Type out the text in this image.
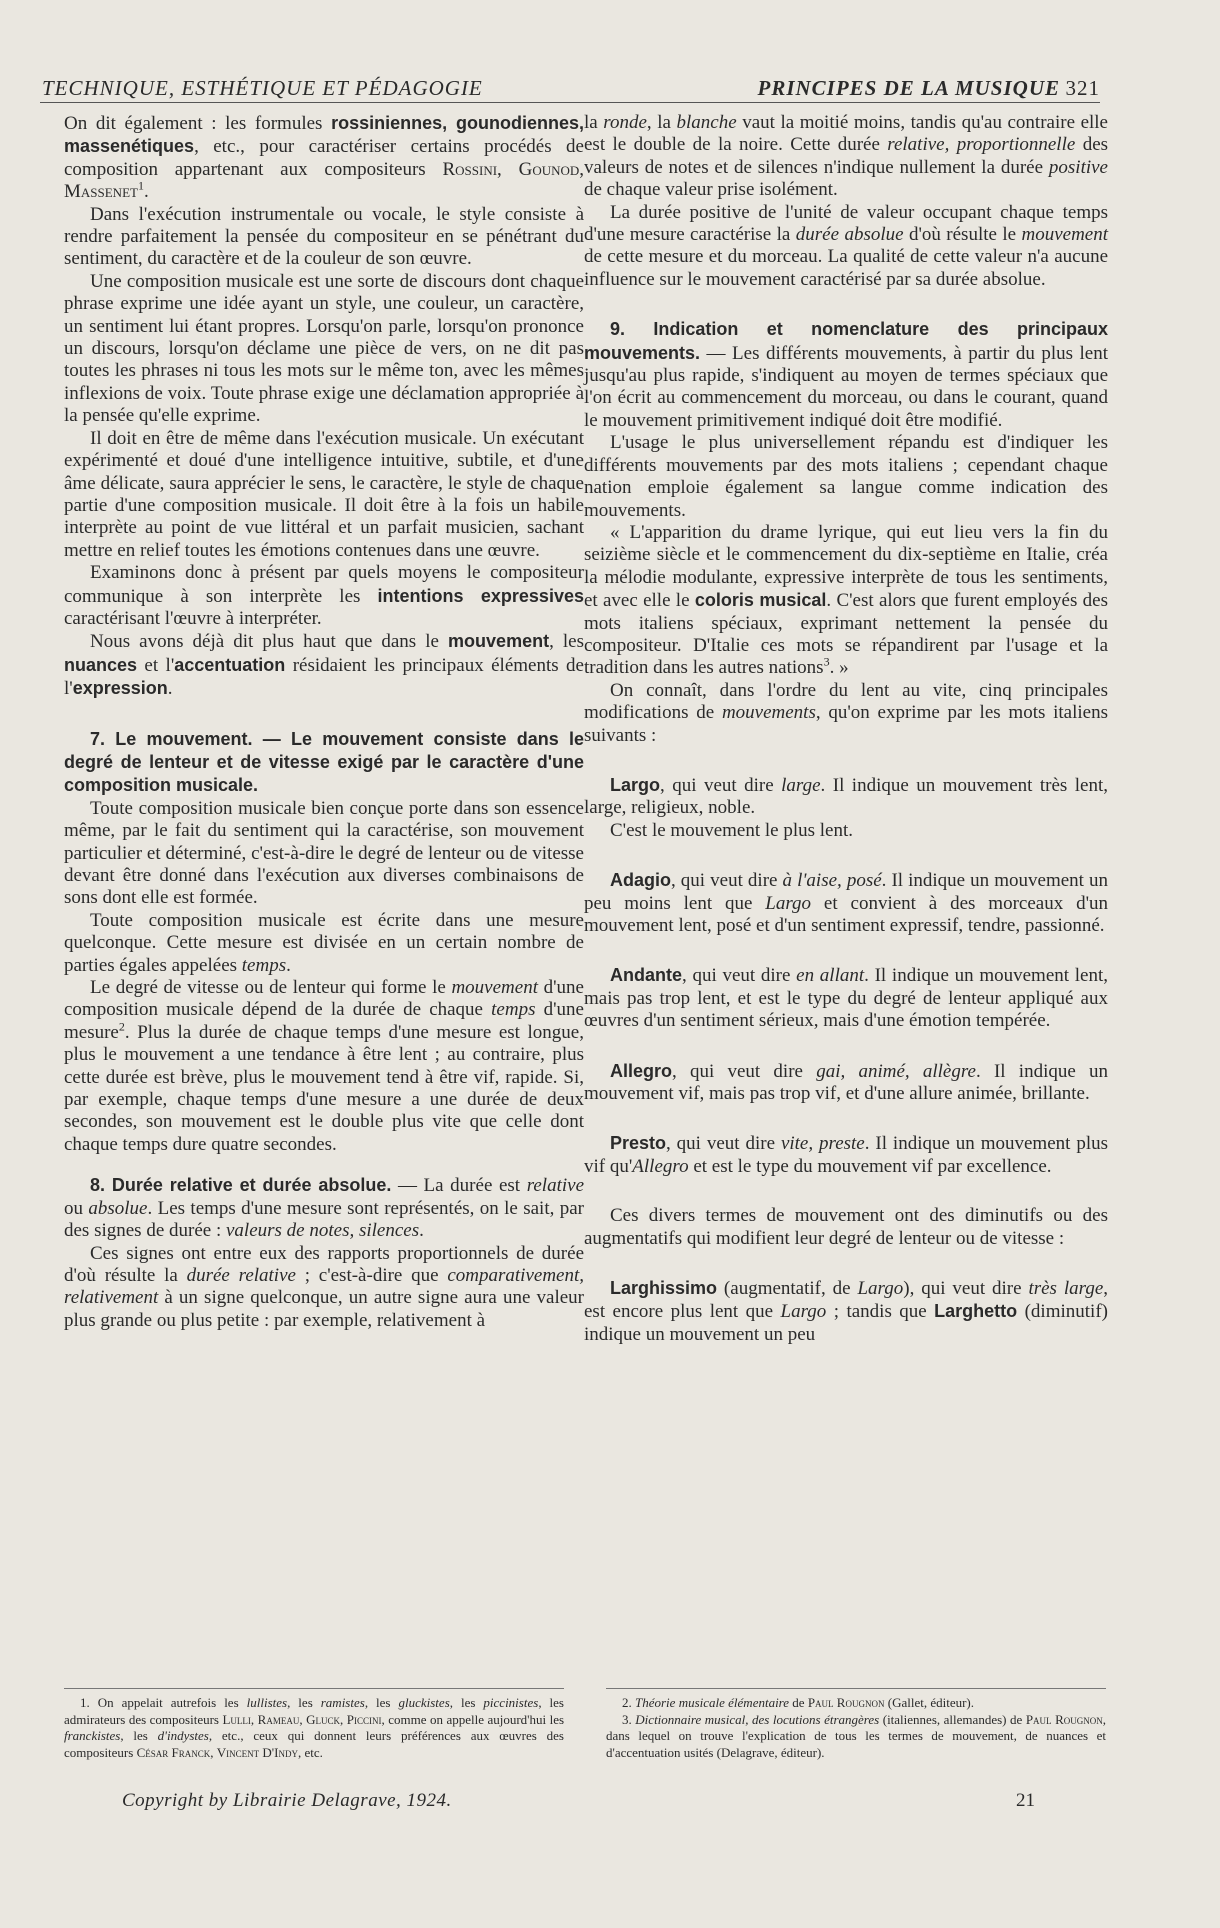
TECHNIQUE, ESTHÉTIQUE ET PÉDAGOGIE	PRINCIPES DE LA MUSIQUE 321

On dit également : les formules rossiniennes, gounodiennes, massenétiques, etc., pour caractériser certains procédés de composition appartenant aux compositeurs Rossini, Gounod, Massenet$^1$.

Dans l'exécution instrumentale ou vocale, le style consiste à rendre parfaitement la pensée du compositeur en se pénétrant du sentiment, du caractère et de la couleur de son œuvre.

Une composition musicale est une sorte de discours dont chaque phrase exprime une idée ayant un style, une couleur, un caractère, un sentiment lui étant propres. Lorsqu'on parle, lorsqu'on prononce un discours, lorsqu'on déclame une pièce de vers, on ne dit pas toutes les phrases ni tous les mots sur le même ton, avec les mêmes inflexions de voix. Toute phrase exige une déclamation appropriée à la pensée qu'elle exprime.

Il doit en être de même dans l'exécution musicale. Un exécutant expérimenté et doué d'une intelligence intuitive, subtile, et d'une âme délicate, saura apprécier le sens, le caractère, le style de chaque partie d'une composition musicale. Il doit être à la fois un habile interprète au point de vue littéral et un parfait musicien, sachant mettre en relief toutes les émotions contenues dans une œuvre.

Examinons donc à présent par quels moyens le compositeur communique à son interprète les intentions expressives caractérisant l'œuvre à interpréter.

Nous avons déjà dit plus haut que dans le mouvement, les nuances et l'accentuation résidaient les principaux éléments de l'expression.

7. Le mouvement. — Le mouvement consiste dans le degré de lenteur et de vitesse exigé par le caractère d'une composition musicale.

Toute composition musicale bien conçue porte dans son essence même, par le fait du sentiment qui la caractérise, son mouvement particulier et déterminé, c'est-à-dire le degré de lenteur ou de vitesse devant être donné dans l'exécution aux diverses combinaisons de sons dont elle est formée.

Toute composition musicale est écrite dans une mesure quelconque. Cette mesure est divisée en un certain nombre de parties égales appelées temps.

Le degré de vitesse ou de lenteur qui forme le mouvement d'une composition musicale dépend de la durée de chaque temps d'une mesure$^2$. Plus la durée de chaque temps d'une mesure est longue, plus le mouvement a une tendance à être lent ; au contraire, plus cette durée est brève, plus le mouvement tend à être vif, rapide. Si, par exemple, chaque temps d'une mesure a une durée de deux secondes, son mouvement est le double plus vite que celle dont chaque temps dure quatre secondes.

8. Durée relative et durée absolue. — La durée est relative ou absolue. Les temps d'une mesure sont représentés, on le sait, par des signes de durée : valeurs de notes, silences.

Ces signes ont entre eux des rapports proportionnels de durée d'où résulte la durée relative ; c'est-à-dire que comparativement, relativement à un signe quelconque, un autre signe aura une valeur plus grande ou plus petite : par exemple, relativement à

la ronde, la blanche vaut la moitié moins, tandis qu'au contraire elle est le double de la noire. Cette durée relative, proportionnelle des valeurs de notes et de silences n'indique nullement la durée positive de chaque valeur prise isolément.

La durée positive de l'unité de valeur occupant chaque temps d'une mesure caractérise la durée absolue d'où résulte le mouvement de cette mesure et du morceau. La qualité de cette valeur n'a aucune influence sur le mouvement caractérisé par sa durée absolue.

9. Indication et nomenclature des principaux mouvements. — Les différents mouvements, à partir du plus lent jusqu'au plus rapide, s'indiquent au moyen de termes spéciaux que l'on écrit au commencement du morceau, ou dans le courant, quand le mouvement primitivement indiqué doit être modifié.

L'usage le plus universellement répandu est d'indiquer les différents mouvements par des mots italiens ; cependant chaque nation emploie également sa langue comme indication des mouvements.

« L'apparition du drame lyrique, qui eut lieu vers la fin du seizième siècle et le commencement du dix-septième en Italie, créa la mélodie modulante, expressive interprète de tous les sentiments, et avec elle le coloris musical. C'est alors que furent employés des mots italiens spéciaux, exprimant nettement la pensée du compositeur. D'Italie ces mots se répandirent par l'usage et la tradition dans les autres nations$^3$. »

On connaît, dans l'ordre du lent au vite, cinq principales modifications de mouvements, qu'on exprime par les mots italiens suivants :

Largo, qui veut dire large. Il indique un mouvement très lent, large, religieux, noble.

C'est le mouvement le plus lent.

Adagio, qui veut dire à l'aise, posé. Il indique un mouvement un peu moins lent que Largo et convient à des morceaux d'un mouvement lent, posé et d'un sentiment expressif, tendre, passionné.

Andante, qui veut dire en allant. Il indique un mouvement lent, mais pas trop lent, et est le type du degré de lenteur appliqué aux œuvres d'un sentiment sérieux, mais d'une émotion tempérée.

Allegro, qui veut dire gai, animé, allègre. Il indique un mouvement vif, mais pas trop vif, et d'une allure animée, brillante.

Presto, qui veut dire vite, preste. Il indique un mouvement plus vif qu'Allegro et est le type du mouvement vif par excellence.

Ces divers termes de mouvement ont des diminutifs ou des augmentatifs qui modifient leur degré de lenteur ou de vitesse :

Larghissimo (augmentatif, de Largo), qui veut dire très large, est encore plus lent que Largo ; tandis que Larghetto (diminutif) indique un mouvement un peu

1. On appelait autrefois les lullistes, les ramistes, les gluckistes, les piccinistes, les admirateurs des compositeurs Lulli, Rameau, Gluck, Piccini, comme on appelle aujourd'hui les franckistes, les d'indystes, etc., ceux qui donnent leurs préférences aux œuvres des compositeurs César Franck, Vincent D'Indy, etc.

2. Théorie musicale élémentaire de Paul Rougnon (Gallet, éditeur).

3. Dictionnaire musical, des locutions étrangères (italiennes, allemandes) de Paul Rougnon, dans lequel on trouve l'explication de tous les termes de mouvement, de nuances et d'accentuation usités (Delagrave, éditeur).

Copyright by Librairie Delagrave, 1924.	21
